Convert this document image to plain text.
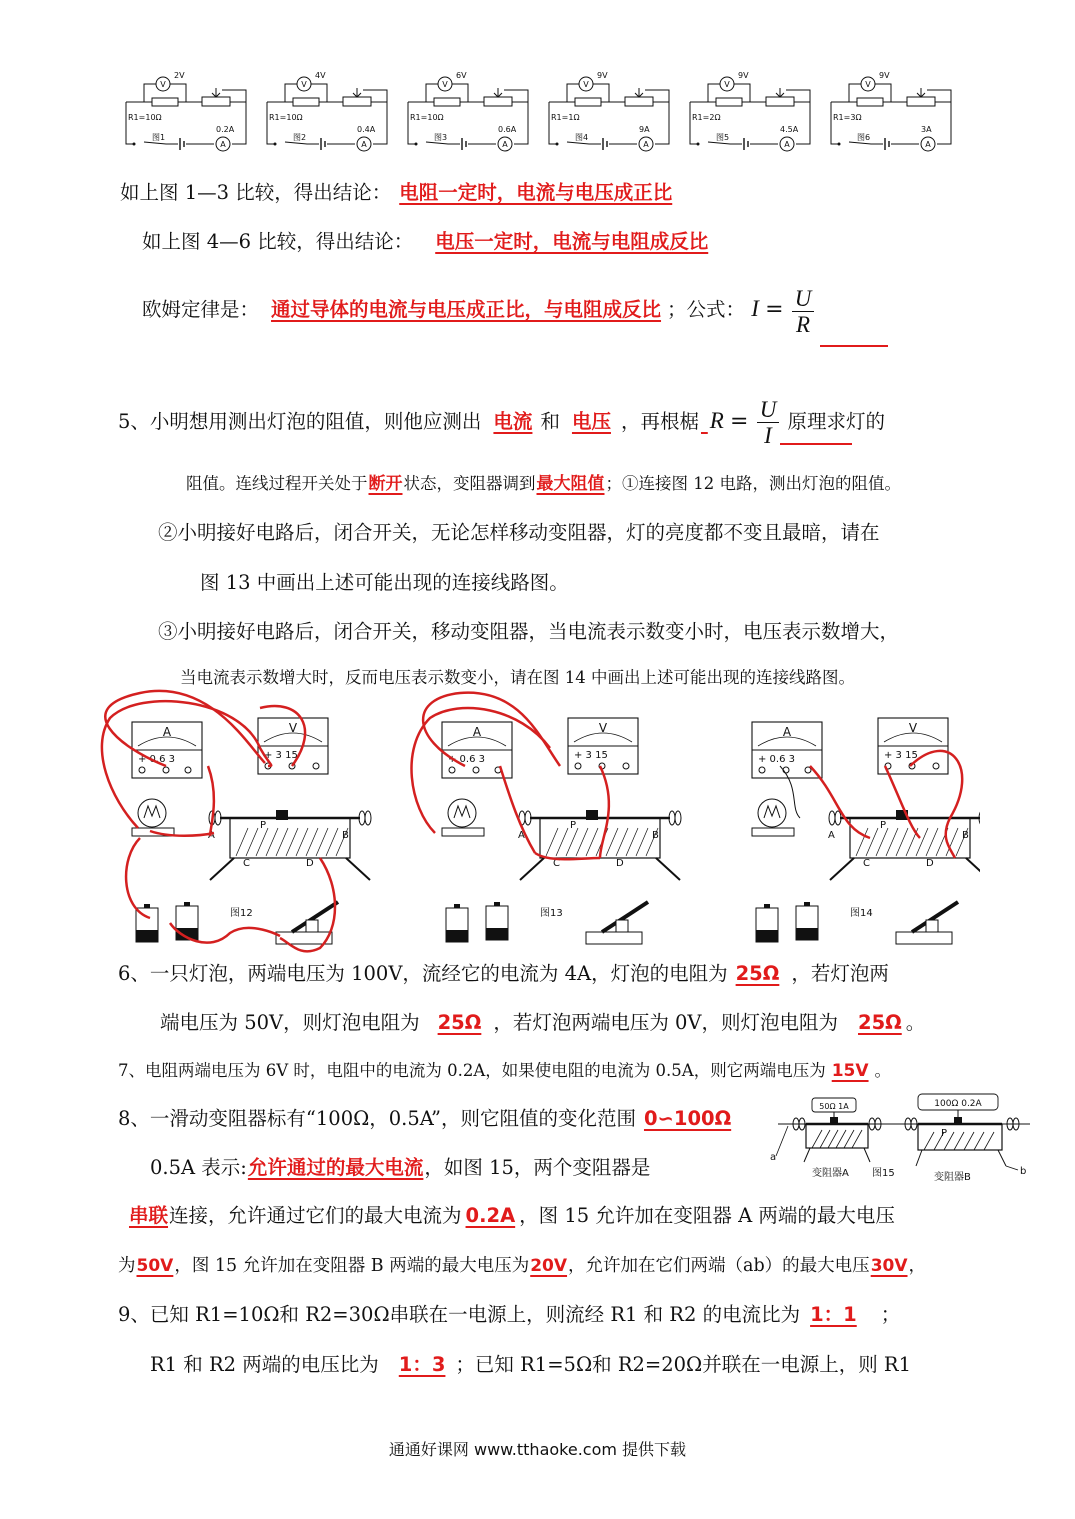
V
2V
R1=10Ω
A
0.2A
图1
V
4V
R1=10Ω
A
0.4A
图2
V
6V
R1=10Ω
A
0.6A
图3
V
9V
R1=1Ω
A
9A
图4
V
9V
R1=2Ω
A
4.5A
图5
V
9V
R1=3Ω
A
3A
图6
如上图 1—3 比较，得出结论： 电阻一定时，电流与电压成正比
如上图 4—6 比较，得出结论： 电压一定时，电流与电阻成反比
欧姆定律是： 通过导体的电流与电压成正比，与电阻成反比 ；公式： $I = \frac{U}{R}$
5、小明想用测出灯泡的阻值，则他应测出 电流 和 电压 ，再根椐 $R = \frac{U}{I}$ 原理求灯的
阻值。连线过程开关处于断开状态，变阻器调到最大阻值；①连接图 12 电路，测出灯泡的阻值。
②小明接好电路后，闭合开关，无论怎样移动变阻器，灯的亮度都不变且最暗，请在
图 13 中画出上述可能出现的连接线路图。
③小明接好电路后，闭合开关，移动变阻器，当电流表示数变小时，电压表示数增大，
当电流表示数增大时，反而电压表示数变小，请在图 14 中画出上述可能出现的连接线路图。
A
+ 0.6 3
V
+ 3 15
A	B
C	D
P
图12
A
+ 0.6 3
V
+ 3 15
A	B
C	D
P
图13
A
+ 0.6 3
V
+ 3 15
A	B
C	D
P
图14
6、一只灯泡，两端电压为 100V，流经它的电流为 4A，灯泡的电阻为 25Ω ，若灯泡两
端电压为 50V，则灯泡电阻为 25Ω ，若灯泡两端电压为 0V，则灯泡电阻为 25Ω 。
7、电阻两端电压为 6V 时，电阻中的电流为 0.2A，如果使电阻的电流为 0.5A，则它两端电压为 15V 。
8、一滑动变阻器标有“100Ω，0.5A”，则它阻值的变化范围 0∽100Ω
0.5A 表示:允许通过的最大电流，如图 15，两个变阻器是
串联连接，允许通过它们的最大电流为 0.2A ，图 15 允许加在变阻器 A 两端的最大电压
为50V，图 15 允许加在变阻器 B 两端的最大电压为20V，允许加在它们两端（ab）的最大电压30V，
50Ω 1A
变阻器A
a
图15
P
100Ω 0.2A
变阻器B
b
9、已知 R1=10Ω和 R2=30Ω串联在一电源上，则流经 R1 和 R2 的电流比为 1：1 ；
R1 和 R2 两端的电压比为 1：3 ；已知 R1=5Ω和 R2=20Ω并联在一电源上，则 R1
通通好课网 www.tthaoke.com 提供下载
